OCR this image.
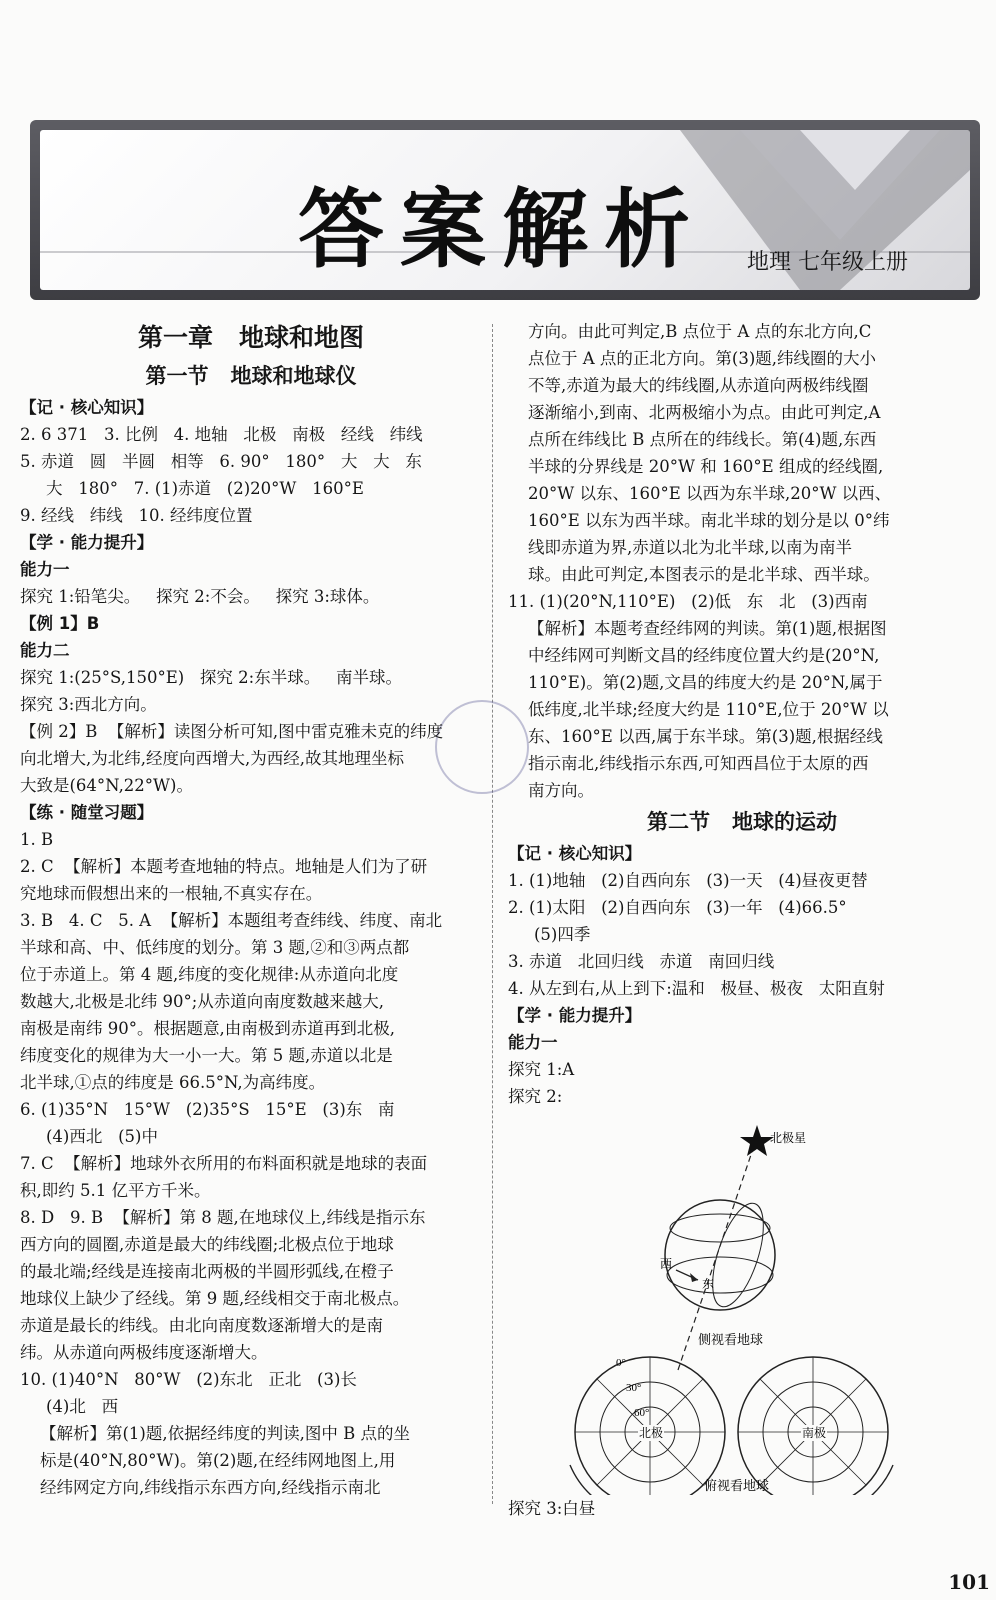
答案解析 地理 七年级上册
第一章   地球和地图
第一节   地球和地球仪
【记 · 核心知识】
2. 6 371   3. 比例   4. 地轴   北极   南极   经线   纬线
5. 赤道   圆   半圆   相等   6. 90°   180°   大   大   东
大   180°   7. (1)赤道   (2)20°W   160°E
9. 经线   纬线   10. 经纬度位置
【学 · 能力提升】
能力一
探究 1:铅笔尖。   探究 2:不会。   探究 3:球体。
【例 1】B
能力二
探究 1:(25°S,150°E)   探究 2:东半球。   南半球。
探究 3:西北方向。
【例 2】B  【解析】读图分析可知,图中雷克雅未克的纬度
向北增大,为北纬,经度向西增大,为西经,故其地理坐标
大致是(64°N,22°W)。
【练 · 随堂习题】
1. B
2. C  【解析】本题考查地轴的特点。地轴是人们为了研
究地球而假想出来的一根轴,不真实存在。
3. B   4. C   5. A  【解析】本题组考查纬线、纬度、南北
半球和高、中、低纬度的划分。第 3 题,②和③两点都
位于赤道上。第 4 题,纬度的变化规律:从赤道向北度
数越大,北极是北纬 90°;从赤道向南度数越来越大,
南极是南纬 90°。根据题意,由南极到赤道再到北极,
纬度变化的规律为大一小一大。第 5 题,赤道以北是
北半球,①点的纬度是 66.5°N,为高纬度。
6. (1)35°N   15°W   (2)35°S   15°E   (3)东   南
(4)西北   (5)中
7. C  【解析】地球外衣所用的布料面积就是地球的表面
积,即约 5.1 亿平方千米。
8. D   9. B  【解析】第 8 题,在地球仪上,纬线是指示东
西方向的圆圈,赤道是最大的纬线圈;北极点位于地球
的最北端;经线是连接南北两极的半圆形弧线,在橙子
地球仪上缺少了经线。第 9 题,经线相交于南北极点。
赤道是最长的纬线。由北向南度数逐渐增大的是南
纬。从赤道向两极纬度逐渐增大。
10. (1)40°N   80°W   (2)东北   正北   (3)长
(4)北   西
【解析】第(1)题,依据经纬度的判读,图中 B 点的坐
标是(40°N,80°W)。第(2)题,在经纬网地图上,用
经纬网定方向,纬线指示东西方向,经线指示南北
方向。由此可判定,B 点位于 A 点的东北方向,C
点位于 A 点的正北方向。第(3)题,纬线圈的大小
不等,赤道为最大的纬线圈,从赤道向两极纬线圈
逐渐缩小,到南、北两极缩小为点。由此可判定,A
点所在纬线比 B 点所在的纬线长。第(4)题,东西
半球的分界线是 20°W 和 160°E 组成的经线圈,
20°W 以东、160°E 以西为东半球,20°W 以西、
160°E 以东为西半球。南北半球的划分是以 0°纬
线即赤道为界,赤道以北为北半球,以南为南半
球。由此可判定,本图表示的是北半球、西半球。
11. (1)(20°N,110°E)   (2)低   东   北   (3)西南
【解析】本题考查经纬网的判读。第(1)题,根据图
中经纬网可判断文昌的经纬度位置大约是(20°N,
110°E)。第(2)题,文昌的纬度大约是 20°N,属于
低纬度,北半球;经度大约是 110°E,位于 20°W 以
东、160°E 以西,属于东半球。第(3)题,根据经线
指示南北,纬线指示东西,可知西昌位于太原的西
南方向。
第二节   地球的运动
【记 · 核心知识】
1. (1)地轴   (2)自西向东   (3)一天   (4)昼夜更替
2. (1)太阳   (2)自西向东   (3)一年   (4)66.5°
(5)四季
3. 赤道   北回归线   赤道   南回归线
4. 从左到右,从上到下:温和   极昼、极夜   太阳直射
【学 · 能力提升】
能力一
探究 1:A
探究 2:
北极星
西
东
侧视看地球
北极
0°
30°
60°
南极
俯视看地球
探究 3:白昼
101
